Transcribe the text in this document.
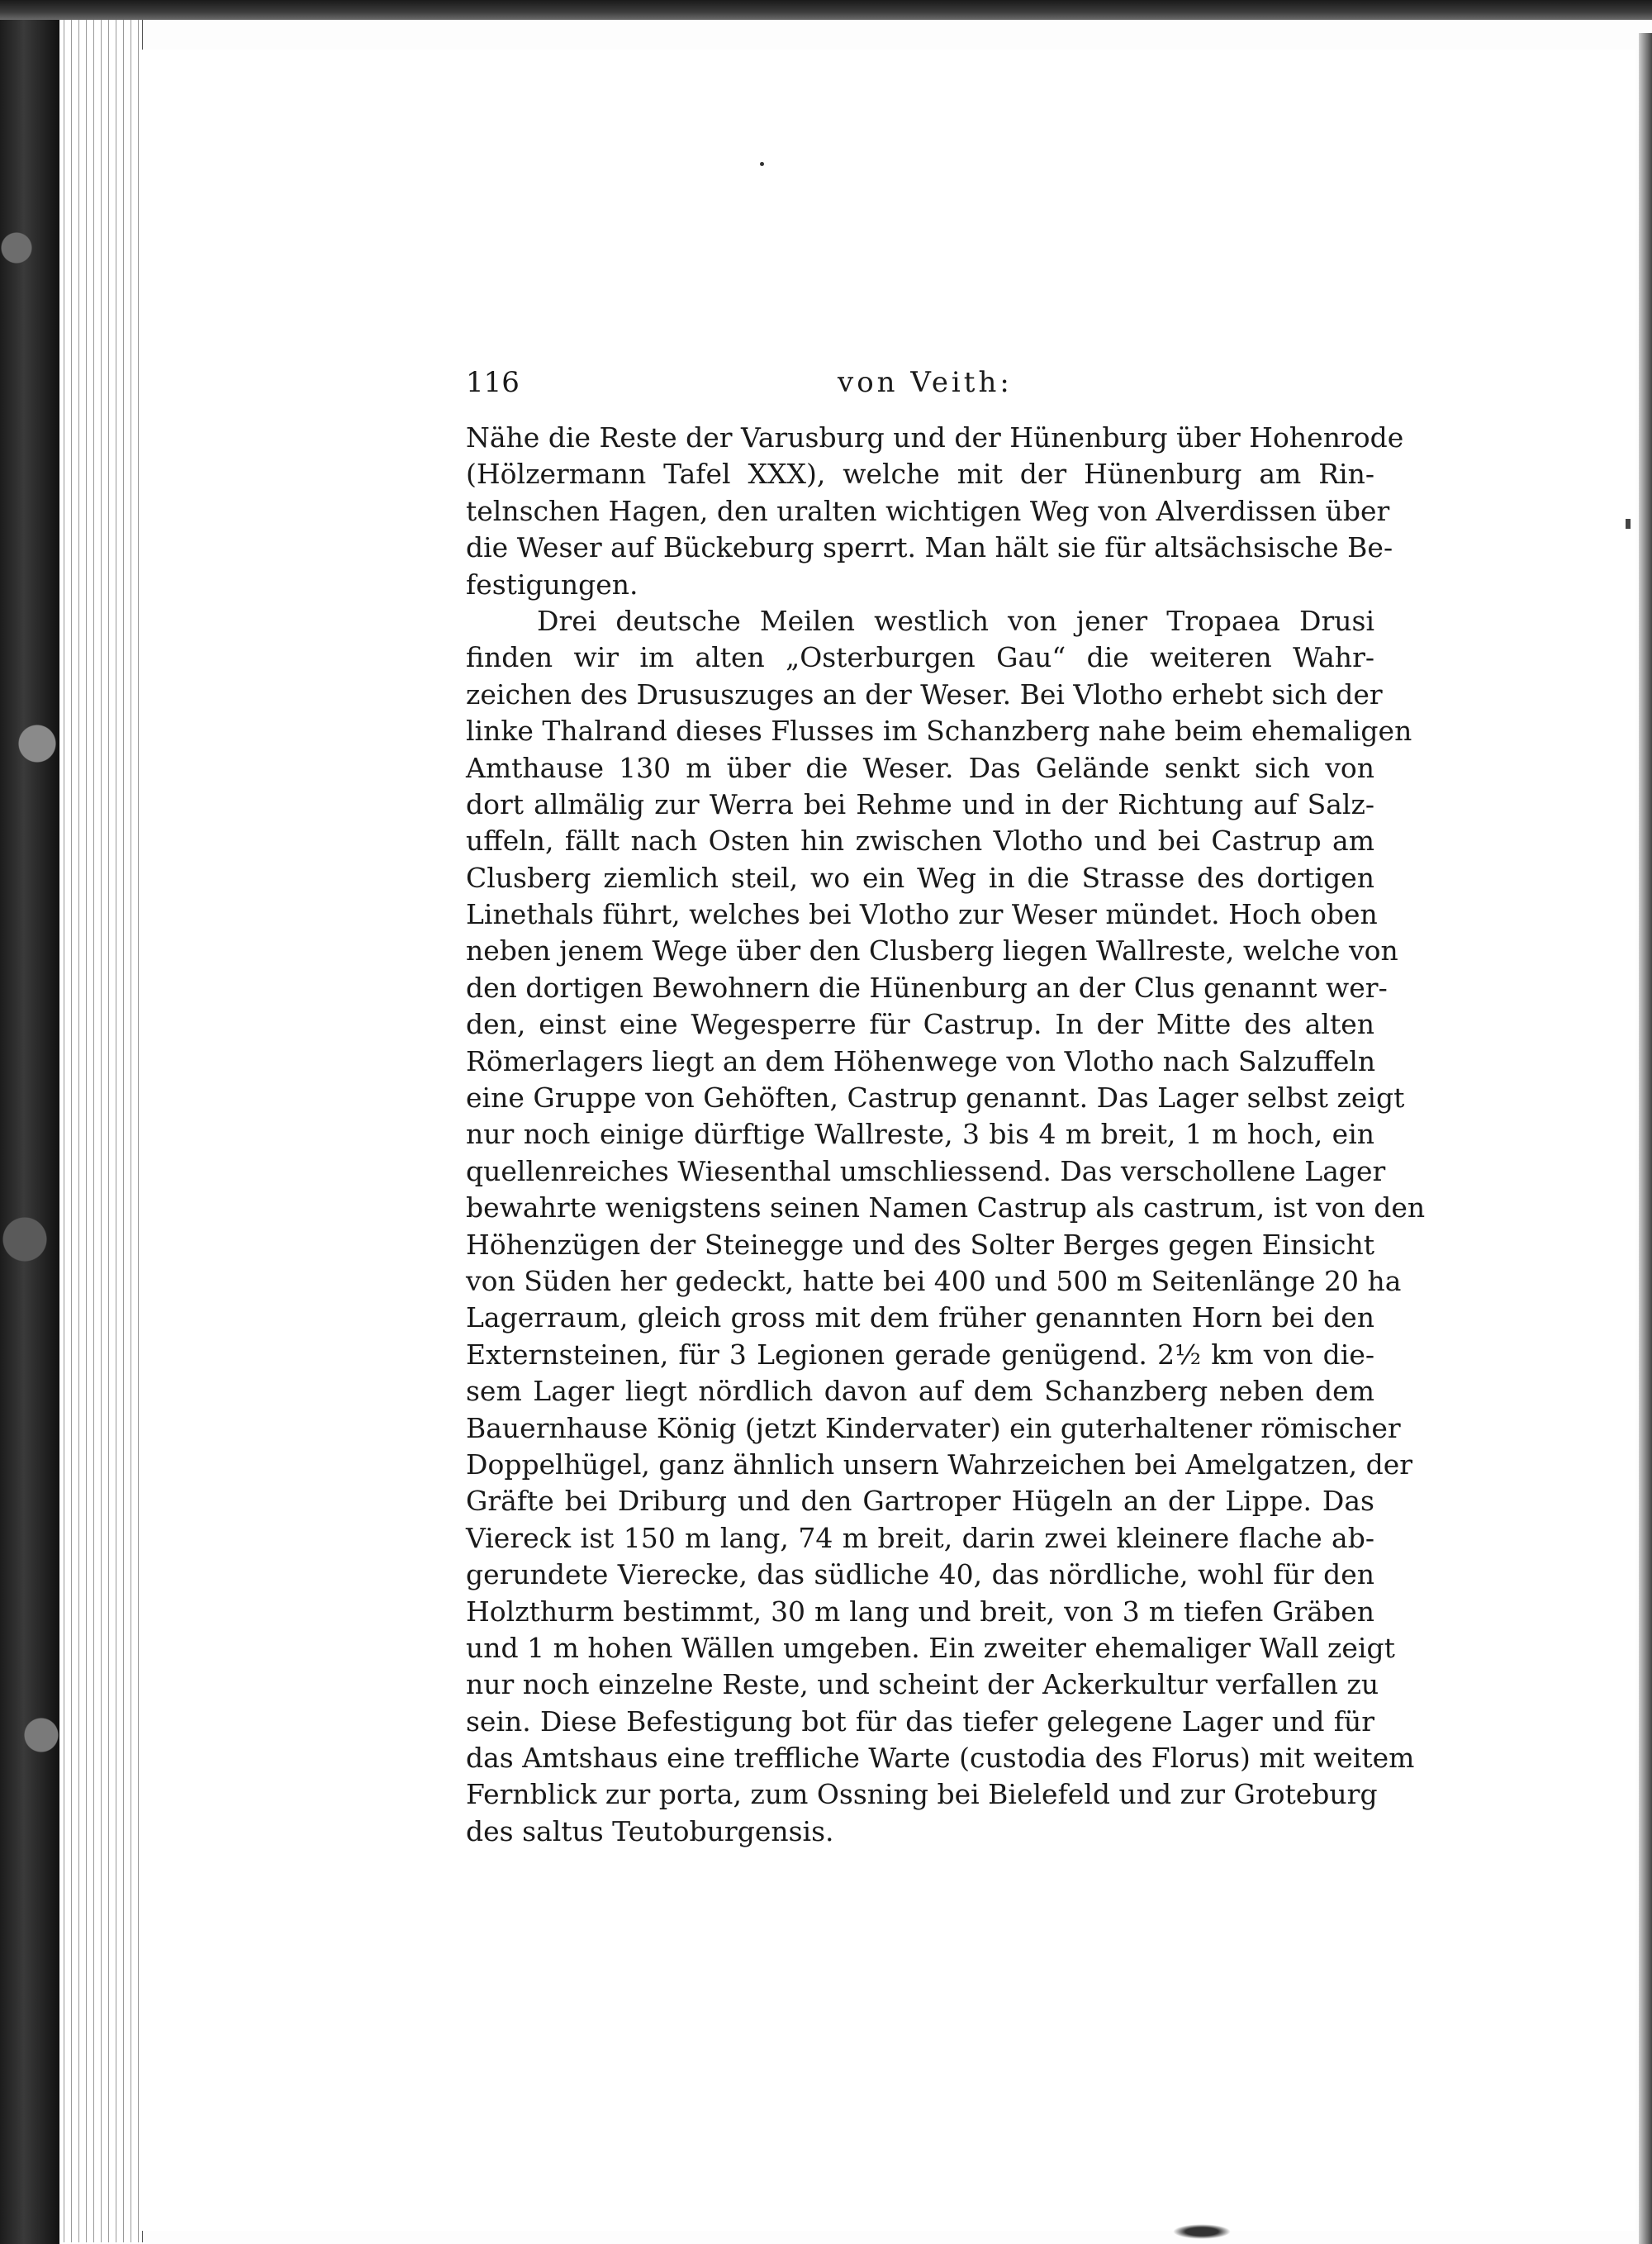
116	von Veith:
Nähe die Reste der Varusburg und der Hünenburg über Hohenrode
(Hölzermann Tafel XXX), welche mit der Hünenburg am Rin-
telnschen Hagen, den uralten wichtigen Weg von Alverdissen über
die Weser auf Bückeburg sperrt. Man hält sie für altsächsische Be-
festigungen.
Drei deutsche Meilen westlich von jener Tropaea Drusi
finden wir im alten „Osterburgen Gau“ die weiteren Wahr-
zeichen des Drususzuges an der Weser. Bei Vlotho erhebt sich der
linke Thalrand dieses Flusses im Schanzberg nahe beim ehemaligen
Amthause 130 m über die Weser. Das Gelände senkt sich von
dort allmälig zur Werra bei Rehme und in der Richtung auf Salz-
uffeln, fällt nach Osten hin zwischen Vlotho und bei Castrup am
Clusberg ziemlich steil, wo ein Weg in die Strasse des dortigen
Linethals führt, welches bei Vlotho zur Weser mündet. Hoch oben
neben jenem Wege über den Clusberg liegen Wallreste, welche von
den dortigen Bewohnern die Hünenburg an der Clus genannt wer-
den, einst eine Wegesperre für Castrup. In der Mitte des alten
Römerlagers liegt an dem Höhenwege von Vlotho nach Salzuffeln
eine Gruppe von Gehöften, Castrup genannt. Das Lager selbst zeigt
nur noch einige dürftige Wallreste, 3 bis 4 m breit, 1 m hoch, ein
quellenreiches Wiesenthal umschliessend. Das verschollene Lager
bewahrte wenigstens seinen Namen Castrup als castrum, ist von den
Höhenzügen der Steinegge und des Solter Berges gegen Einsicht
von Süden her gedeckt, hatte bei 400 und 500 m Seitenlänge 20 ha
Lagerraum, gleich gross mit dem früher genannten Horn bei den
Externsteinen, für 3 Legionen gerade genügend. 2½ km von die-
sem Lager liegt nördlich davon auf dem Schanzberg neben dem
Bauernhause König (jetzt Kindervater) ein guterhaltener römischer
Doppelhügel, ganz ähnlich unsern Wahrzeichen bei Amelgatzen, der
Gräfte bei Driburg und den Gartroper Hügeln an der Lippe. Das
Viereck ist 150 m lang, 74 m breit, darin zwei kleinere flache ab-
gerundete Vierecke, das südliche 40, das nördliche, wohl für den
Holzthurm bestimmt, 30 m lang und breit, von 3 m tiefen Gräben
und 1 m hohen Wällen umgeben. Ein zweiter ehemaliger Wall zeigt
nur noch einzelne Reste, und scheint der Ackerkultur verfallen zu
sein. Diese Befestigung bot für das tiefer gelegene Lager und für
das Amtshaus eine treffliche Warte (custodia des Florus) mit weitem
Fernblick zur porta, zum Ossning bei Bielefeld und zur Groteburg
des saltus Teutoburgensis.
